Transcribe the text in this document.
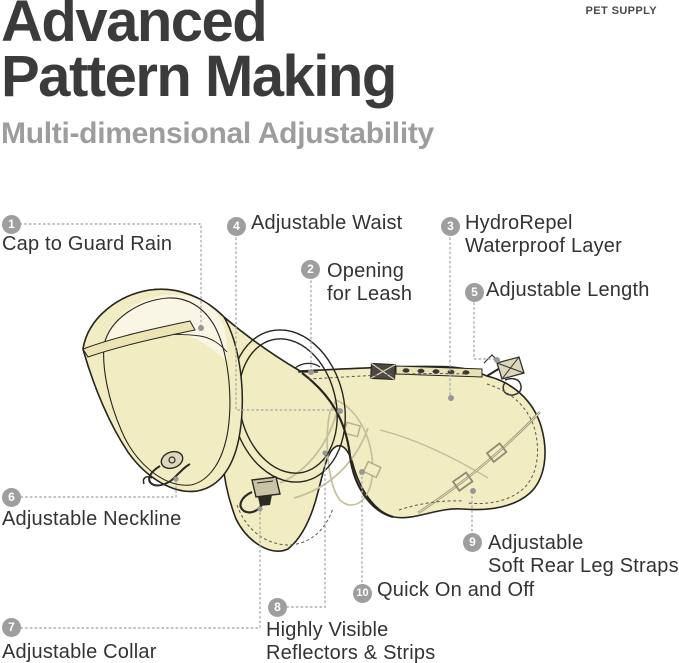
PET SUPPLY
Advanced
Pattern Making
Multi-dimensional Adjustability
1
2
3
4
5
6
7
8
9
10
Cap to Guard Rain
Opening
for Leash
HydroRepel
Waterproof Layer
Adjustable Waist
Adjustable Length
Adjustable Neckline
Adjustable Collar
Highly Visible
Reflectors & Strips
Adjustable
Soft Rear Leg Straps
Quick On and Off
